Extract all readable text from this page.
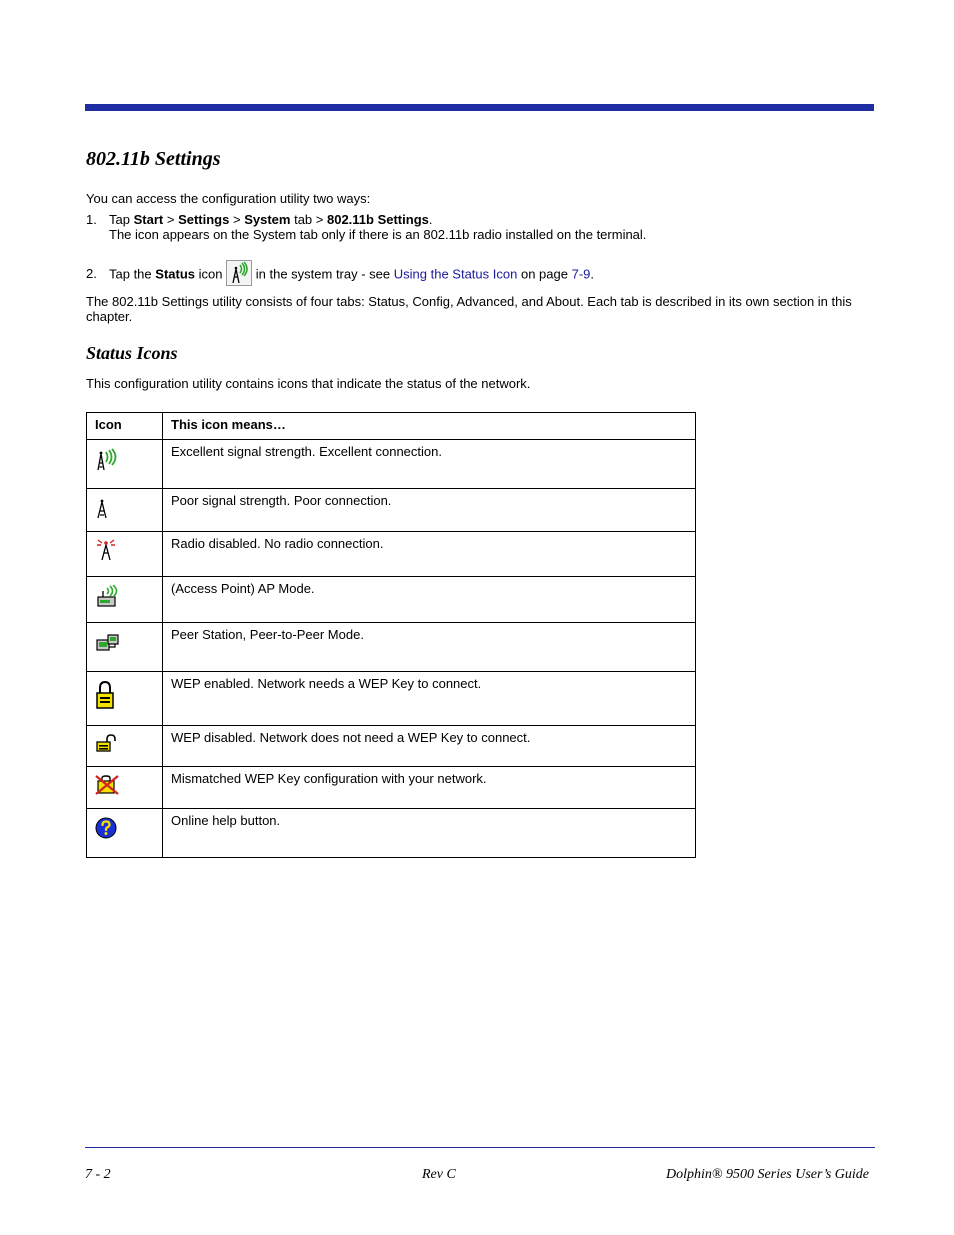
802.11b Settings

You can access the configuration utility two ways:

1. Tap Start > Settings > System tab > 802.11b Settings.
The icon appears on the System tab only if there is an 802.11b radio installed on the terminal.
2. Tap the Status icon	in the system tray - see Using the Status Icon on page 7-9.

The 802.11b Settings utility consists of four tabs: Status, Config, Advanced, and About. Each tab is described in its own section in this chapter.

Status Icons

This configuration utility contains icons that indicate the status of the network.

Icon	This icon means…

	Excellent signal strength. Excellent connection.

	Poor signal strength. Poor connection.

	Radio disabled. No radio connection.

	(Access Point) AP Mode.

	Peer Station, Peer-to-Peer Mode.

	WEP enabled. Network needs a WEP Key to connect.

	WEP disabled. Network does not need a WEP Key to connect.

	Mismatched WEP Key configuration with your network.

	Online help button.
7 - 2	Rev C	Dolphin® 9500 Series User’s Guide
